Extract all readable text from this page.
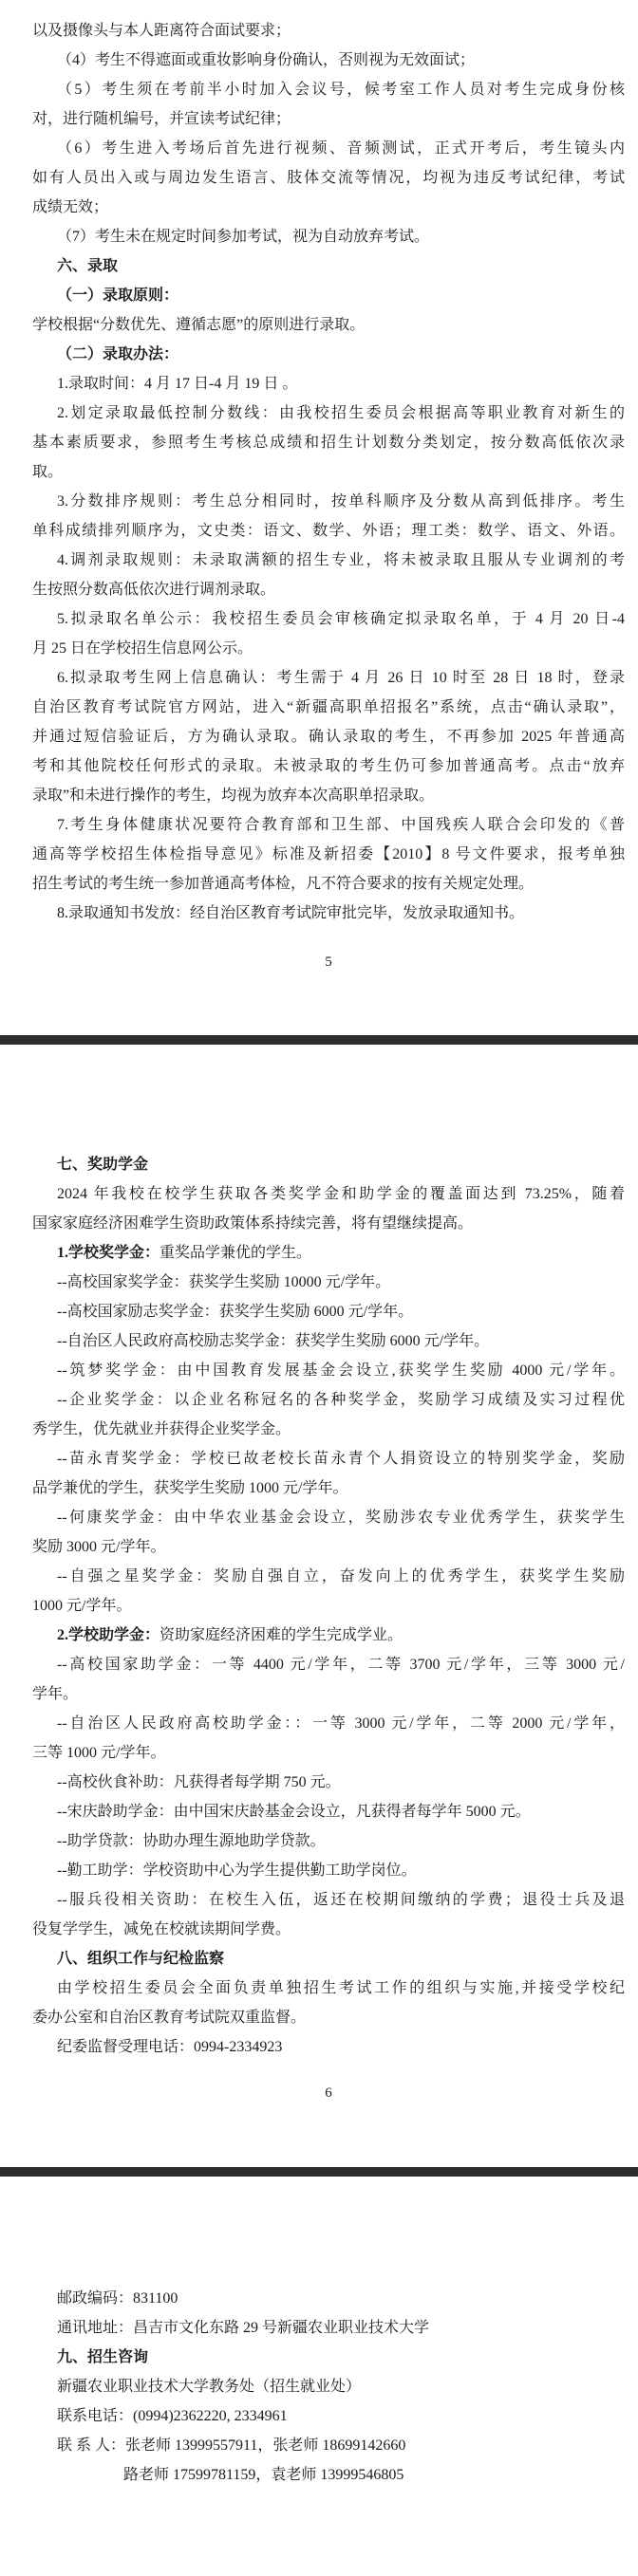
以及摄像头与本人距离符合面试要求；
（4）考生不得遮面或重妆影响身份确认，否则视为无效面试；
（5）考生须在考前半小时加入会议号，候考室工作人员对考生完成身份核
对，进行随机编号，并宣读考试纪律；
（6）考生进入考场后首先进行视频、音频测试，正式开考后，考生镜头内
如有人员出入或与周边发生语言、肢体交流等情况，均视为违反考试纪律，考试
成绩无效；
（7）考生未在规定时间参加考试，视为自动放弃考试。
六、录取
（一）录取原则：
学校根据“分数优先、遵循志愿”的原则进行录取。
（二）录取办法：
1.录取时间：4 月 17 日-4 月 19 日 。
2.划定录取最低控制分数线：由我校招生委员会根据高等职业教育对新生的
基本素质要求，参照考生考核总成绩和招生计划数分类划定，按分数高低依次录
取。
3.分数排序规则：考生总分相同时，按单科顺序及分数从高到低排序。考生
单科成绩排列顺序为，文史类：语文、数学、外语；理工类：数学、语文、外语。
4.调剂录取规则：未录取满额的招生专业，将未被录取且服从专业调剂的考
生按照分数高低依次进行调剂录取。
5.拟录取名单公示：我校招生委员会审核确定拟录取名单，于 4 月 20 日-4
月 25 日在学校招生信息网公示。
6.拟录取考生网上信息确认：考生需于 4 月 26 日 10 时至 28 日 18 时，登录
自治区教育考试院官方网站，进入“新疆高职单招报名”系统，点击“确认录取”，
并通过短信验证后，方为确认录取。确认录取的考生，不再参加 2025 年普通高
考和其他院校任何形式的录取。未被录取的考生仍可参加普通高考。点击“放弃
录取”和未进行操作的考生，均视为放弃本次高职单招录取。
7.考生身体健康状况要符合教育部和卫生部、中国残疾人联合会印发的《普
通高等学校招生体检指导意见》标准及新招委【2010】8 号文件要求，报考单独
招生考试的考生统一参加普通高考体检，凡不符合要求的按有关规定处理。
8.录取通知书发放：经自治区教育考试院审批完毕，发放录取通知书。
5
七、奖助学金
2024 年我校在校学生获取各类奖学金和助学金的覆盖面达到 73.25%，随着
国家家庭经济困难学生资助政策体系持续完善，将有望继续提高。
1.学校奖学金：重奖品学兼优的学生。
--高校国家奖学金：获奖学生奖励 10000 元/学年。
--高校国家励志奖学金：获奖学生奖励 6000 元/学年。
--自治区人民政府高校励志奖学金：获奖学生奖励 6000 元/学年。
--筑梦奖学金：由中国教育发展基金会设立,获奖学生奖励 4000 元/学年。
--企业奖学金：以企业名称冠名的各种奖学金，奖励学习成绩及实习过程优
秀学生，优先就业并获得企业奖学金。
--苗永青奖学金：学校已故老校长苗永青个人捐资设立的特别奖学金，奖励
品学兼优的学生，获奖学生奖励 1000 元/学年。
--何康奖学金：由中华农业基金会设立，奖励涉农专业优秀学生，获奖学生
奖励 3000 元/学年。
--自强之星奖学金：奖励自强自立，奋发向上的优秀学生，获奖学生奖励
1000 元/学年。
2.学校助学金：资助家庭经济困难的学生完成学业。
--高校国家助学金：一等 4400 元/学年，二等 3700 元/学年，三等 3000 元/
学年。
--自治区人民政府高校助学金：：一等 3000 元/学年，二等 2000 元/学年，
三等 1000 元/学年。
--高校伙食补助：凡获得者每学期 750 元。
--宋庆龄助学金：由中国宋庆龄基金会设立，凡获得者每学年 5000 元。
--助学贷款：协助办理生源地助学贷款。
--勤工助学：学校资助中心为学生提供勤工助学岗位。
--服兵役相关资助：在校生入伍，返还在校期间缴纳的学费；退役士兵及退
役复学学生，减免在校就读期间学费。
八、组织工作与纪检监察
由学校招生委员会全面负责单独招生考试工作的组织与实施,并接受学校纪
委办公室和自治区教育考试院双重监督。
纪委监督受理电话：0994-2334923
6
邮政编码：831100
通讯地址：昌吉市文化东路 29 号新疆农业职业技术大学
九、招生咨询
新疆农业职业技术大学教务处（招生就业处）
联系电话：(0994)2362220, 2334961
联 系 人：张老师 13999557911，张老师 18699142660
路老师 17599781159，袁老师 13999546805
